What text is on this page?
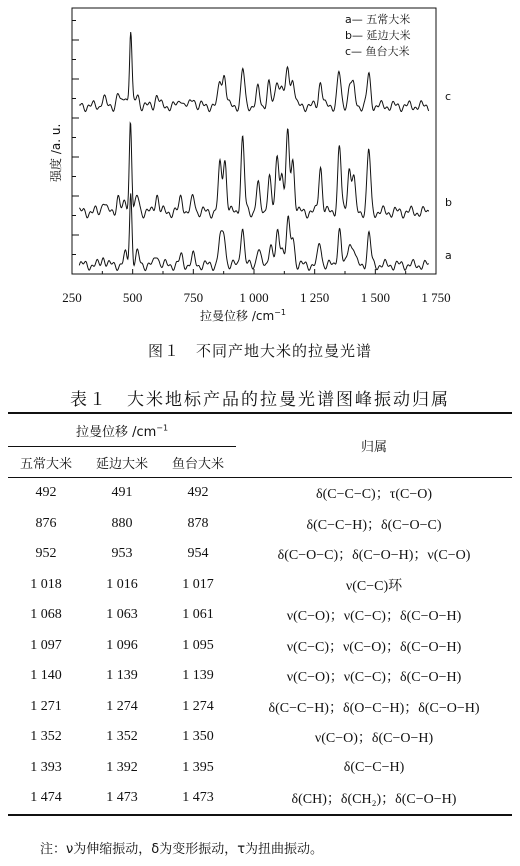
250	500	750	1 000 1 250 1 500 1 750
a
b
c
a— 五常大米
b— 延边大米
c— 鱼台大米
强度 /a. u.
拉曼位移 $/cm^{-1}$
图１　不同产地大米的拉曼光谱
表１　大米地标产品的拉曼光谱图峰振动归属
拉曼位移 $/cm^{-1}$			归属
五常大米	延边大米	鱼台大米	
492	491	492	δ(C−C−C)；τ(C−O)
876	880	878	δ(C−C−H)；δ(C−O−C)
952	953	954	δ(C−O−C)；δ(C−O−H)；ν(C−O)
1 018	1 016	1 017	ν(C−C)环
1 068	1 063	1 061	ν(C−O)；ν(C−C)；δ(C−O−H)
1 097	1 096	1 095	ν(C−C)；ν(C−O)；δ(C−O−H)
1 140	1 139	1 139	ν(C−O)；ν(C−C)；δ(C−O−H)
1 271	1 274	1 274	δ(C−C−H)；δ(O−C−H)；δ(C−O−H)
1 352	1 352	1 350	ν(C−O)；δ(C−O−H)
1 393	1 392	1 395	δ(C−C−H)
1 474	1 473	1 473	δ(CH)；δ(CH₂)；δ(C−O−H)
注：ν为伸缩振动，δ为变形振动，τ为扭曲振动。
